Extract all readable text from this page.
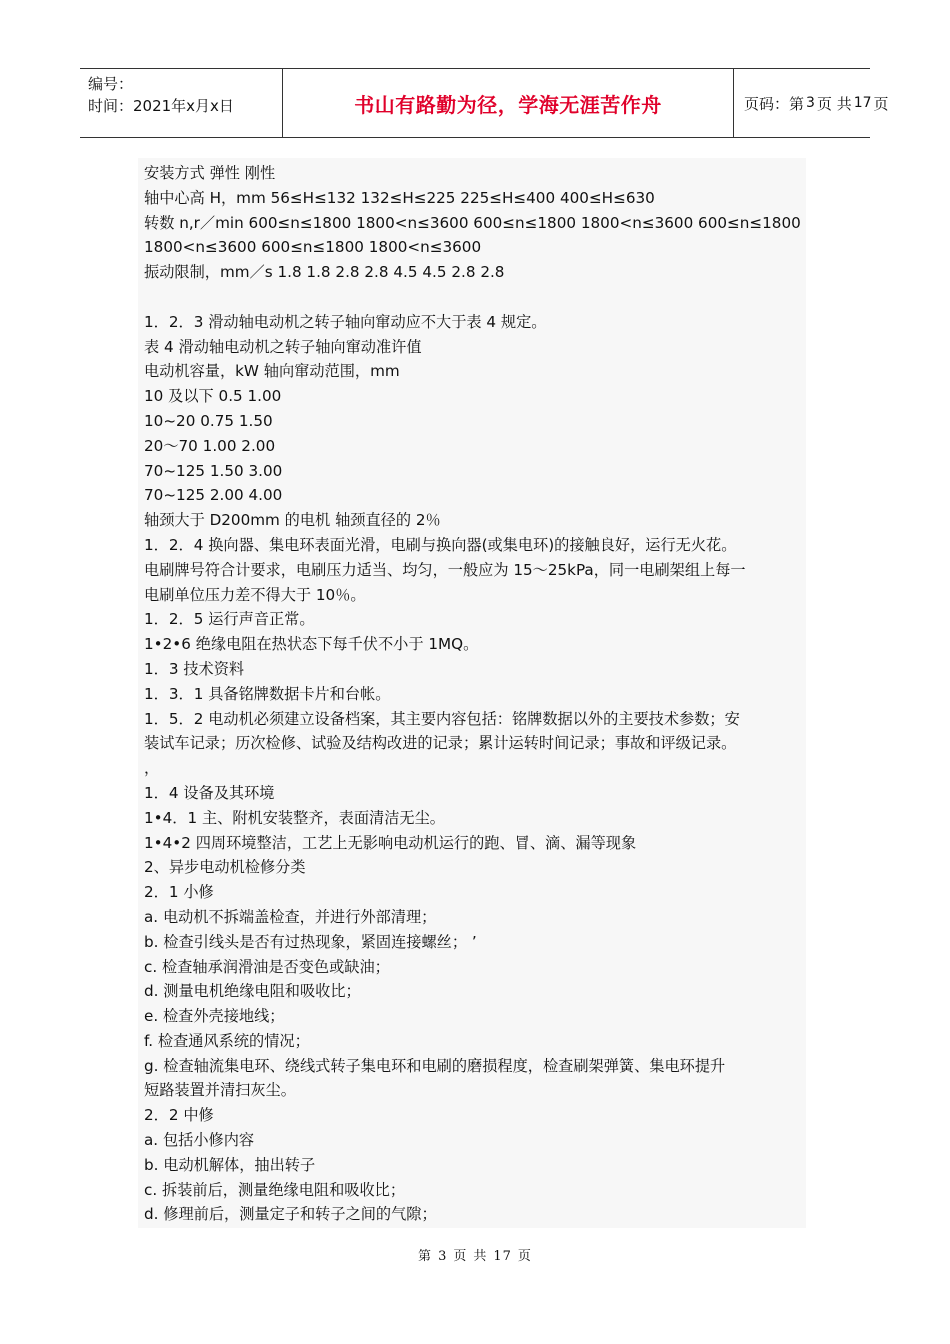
编号：
时间：2021年x月x日	书山有路勤为径，学海无涯苦作舟	页码：第 3 页 共 17 页
安装方式 弹性 刚性
轴中心高 H，mm 56≤H≤132 132≤H≤225 225≤H≤400 400≤H≤630
转数 n,r／min 600≤n≤1800 1800<n≤3600 600≤n≤1800 1800<n≤3600 600≤n≤1800
1800<n≤3600 600≤n≤1800 1800<n≤3600
振动限制，mm／s 1.8 1.8 2.8 2.8 4.5 4.5 2.8 2.8
1．2．3 滑动轴电动机之转子轴向窜动应不大于表 4 规定。
表 4 滑动轴电动机之转子轴向窜动准许值
电动机容量，kW 轴向窜动范围，mm
10 及以下 0.5 1.00
10~20 0.75 1.50
20～70 1.00 2.00
70~125 1.50 3.00
70~125 2.00 4.00
轴颈大于 D200mm 的电机 轴颈直径的 2％
1．2．4 换向器、集电环表面光滑，电刷与换向器(或集电环)的接触良好，运行无火花。
电刷牌号符合计要求，电刷压力适当、均匀，一般应为 15～25kPa，同一电刷架组上每一
电刷单位压力差不得大于 10％。
1．2．5 运行声音正常。
1•2•6 绝缘电阻在热状态下每千伏不小于 1MQ。
1．3 技术资料
1．3．1 具备铭牌数据卡片和台帐。
1．5．2 电动机必须建立设备档案，其主要内容包括：铭牌数据以外的主要技术参数；安
装试车记录；历次检修、试验及结构改进的记录；累计运转时间记录；事故和评级记录。
，
1．4 设备及其环境
1•4．1 主、附机安装整齐，表面清洁无尘。
1•4•2 四周环境整洁，工艺上无影响电动机运行的跑、冒、滴、漏等现象
2、异步电动机检修分类
2．1 小修
a. 电动机不拆端盖检查，并进行外部清理；
b. 检查引线头是否有过热现象，紧固连接螺丝； ’
c. 检查轴承润滑油是否变色或缺油；
d. 测量电机绝缘电阻和吸收比；
e. 检查外壳接地线；
f. 检查通风系统的情况；
g. 检查轴流集电环、绕线式转子集电环和电刷的磨损程度，检查刷架弹簧、集电环提升
短路装置并清扫灰尘。
2．2 中修
a. 包括小修内容
b. 电动机解体，抽出转子
c. 拆装前后，测量绝缘电阻和吸收比；
d. 修理前后，测量定子和转子之间的气隙；
第 3 页 共 17 页
